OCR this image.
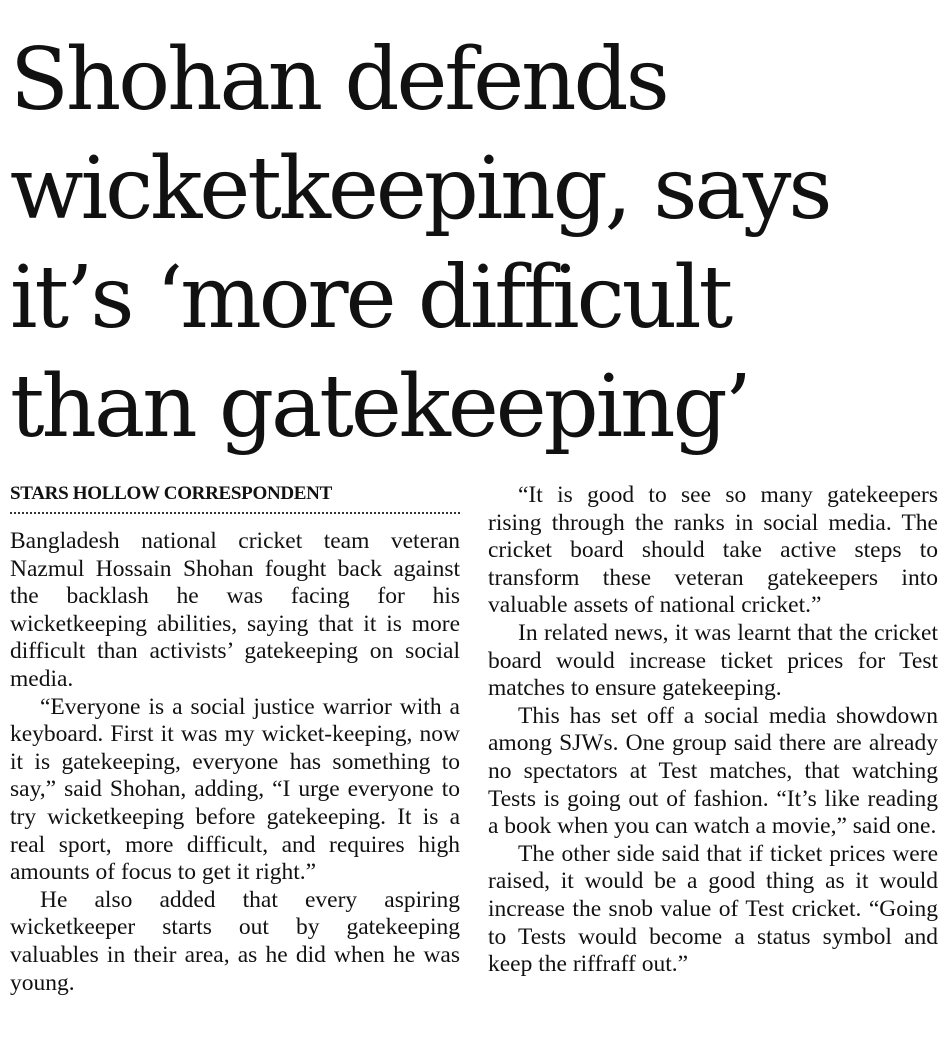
Shohan defends
wicketkeeping, says
it’s ‘more difficult
than gatekeeping’
STARS HOLLOW CORRESPONDENT

Bangladesh national cricket team veteran Nazmul Hossain Shohan fought back against the backlash he was facing for his wicketkeeping abilities, saying that it is more difficult than activists’ gatekeeping on social media.

“Everyone is a social justice warrior with a keyboard. First it was my wicket-keeping, now it is gatekeeping, everyone has something to say,” said Shohan, adding, “I urge everyone to try wicketkeeping before gatekeeping. It is a real sport, more difficult, and requires high amounts of focus to get it right.”

He also added that every aspiring wicketkeeper starts out by gatekeeping valuables in their area, as he did when he was young.

“It is good to see so many gatekeepers rising through the ranks in social media. The cricket board should take active steps to transform these veteran gatekeepers into valuable assets of national cricket.”

In related news, it was learnt that the cricket board would increase ticket prices for Test matches to ensure gatekeeping.

This has set off a social media showdown among SJWs. One group said there are already no spectators at Test matches, that watching Tests is going out of fashion. “It’s like reading a book when you can watch a movie,” said one.

The other side said that if ticket prices were raised, it would be a good thing as it would increase the snob value of Test cricket. “Going to Tests would become a status symbol and keep the riffraff out.”
